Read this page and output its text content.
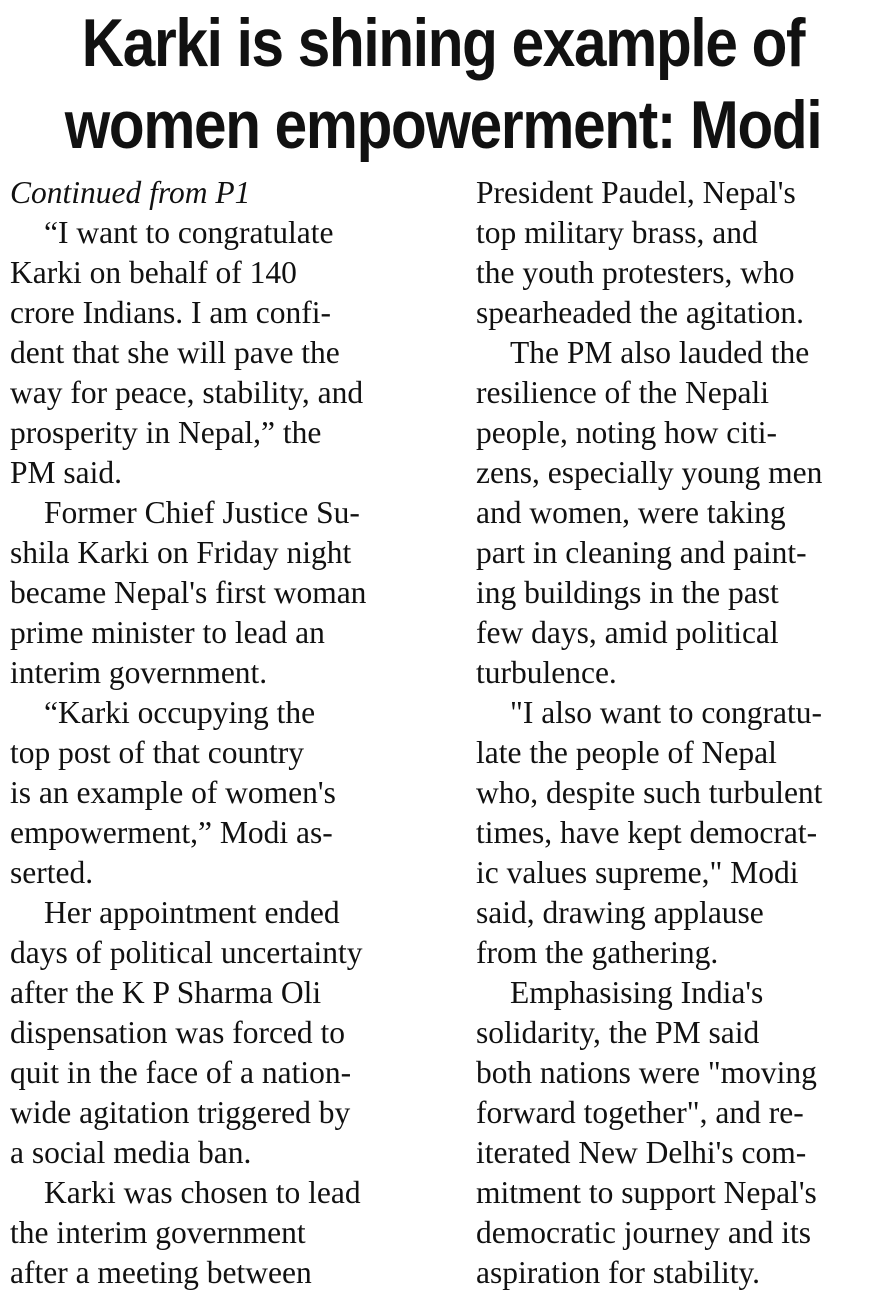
Karki is shining example of
women empowerment: Modi
Continued from P1
“I want to congratulate
Karki on behalf of 140
crore Indians. I am confi-
dent that she will pave the
way for peace, stability, and
prosperity in Nepal,” the
PM said.
Former Chief Justice Su-
shila Karki on Friday night
became Nepal's first woman
prime minister to lead an
interim government.
“Karki occupying the
top post of that country
is an example of women's
empowerment,” Modi as-
serted.
Her appointment ended
days of political uncertainty
after the K P Sharma Oli
dispensation was forced to
quit in the face of a nation-
wide agitation triggered by
a social media ban.
Karki was chosen to lead
the interim government
after a meeting between
President Paudel, Nepal's
top military brass, and
the youth protesters, who
spearheaded the agitation.
The PM also lauded the
resilience of the Nepali
people, noting how citi-
zens, especially young men
and women, were taking
part in cleaning and paint-
ing buildings in the past
few days, amid political
turbulence.
"I also want to congratu-
late the people of Nepal
who, despite such turbulent
times, have kept democrat-
ic values supreme," Modi
said, drawing applause
from the gathering.
Emphasising India's
solidarity, the PM said
both nations were "moving
forward together", and re-
iterated New Delhi's com-
mitment to support Nepal's
democratic journey and its
aspiration for stability.
